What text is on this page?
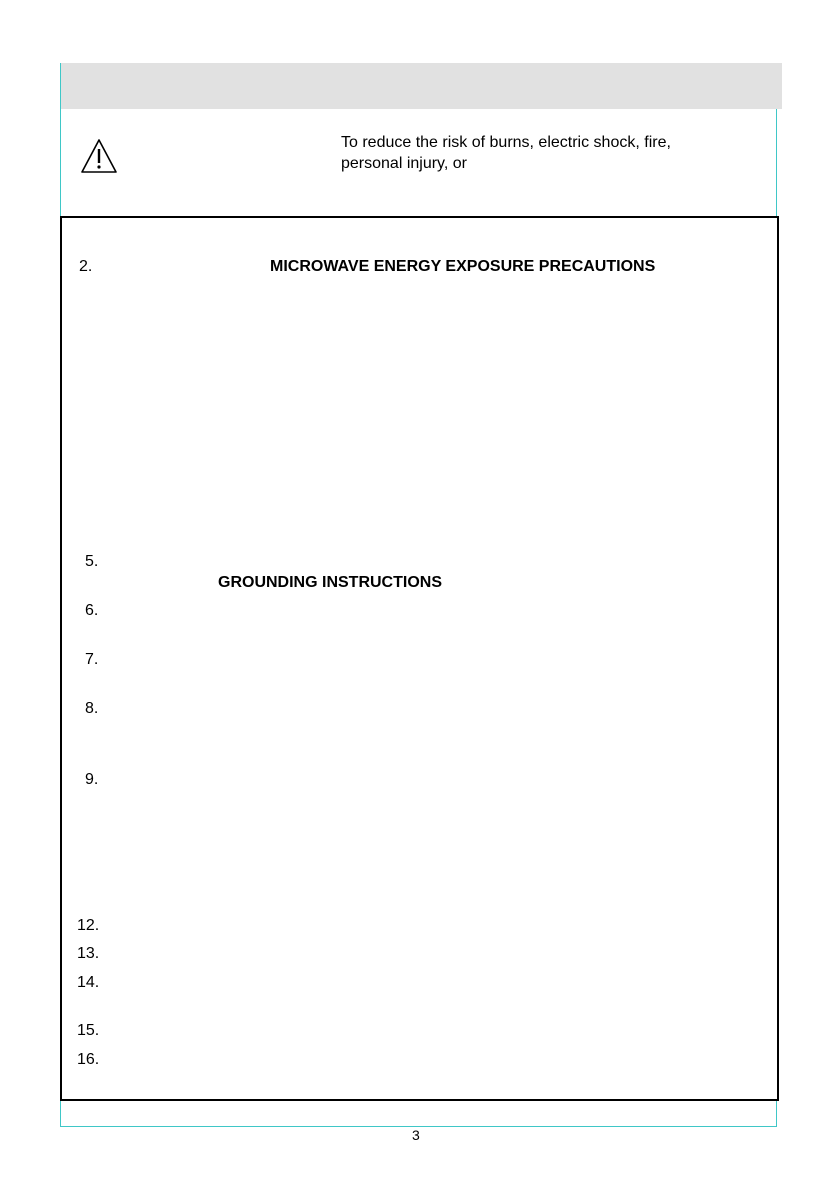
To reduce the risk of burns, electric shock, fire,
personal injury, or
2.	MICROWAVE ENERGY EXPOSURE PRECAUTIONS
5.
GROUNDING INSTRUCTIONS
6.
7.
8.
9.
12.
13.
14.
15.
16.
3
